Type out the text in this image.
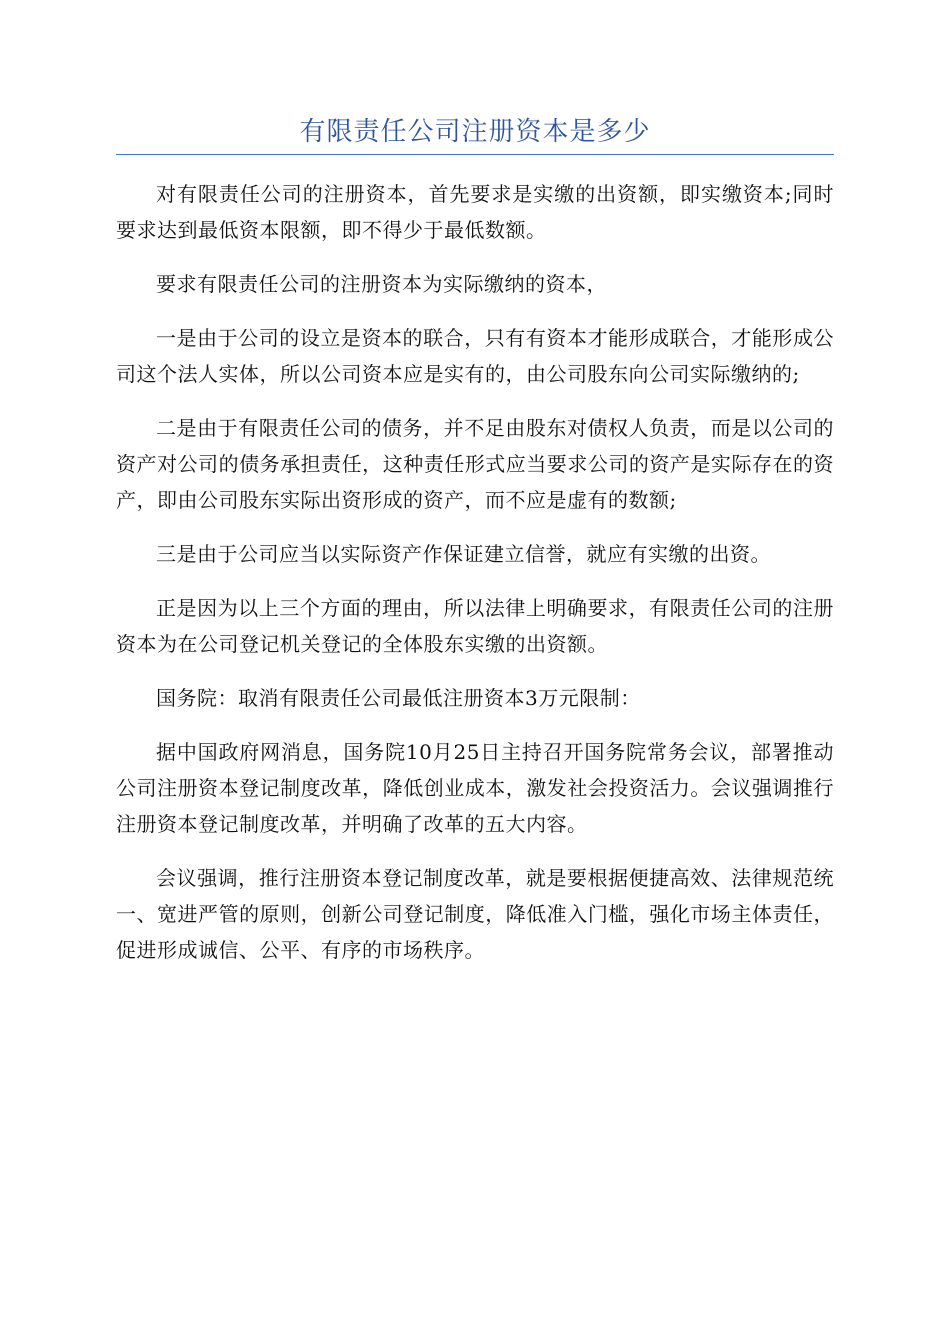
有限责任公司注册资本是多少

对有限责任公司的注册资本，首先要求是实缴的出资额，即实缴资本;同时要求达到最低资本限额，即不得少于最低数额。

要求有限责任公司的注册资本为实际缴纳的资本，

一是由于公司的设立是资本的联合，只有有资本才能形成联合，才能形成公司这个法人实体，所以公司资本应是实有的，由公司股东向公司实际缴纳的;

二是由于有限责任公司的债务，并不足由股东对债权人负责，而是以公司的资产对公司的债务承担责任，这种责任形式应当要求公司的资产是实际存在的资产，即由公司股东实际出资形成的资产，而不应是虚有的数额;

三是由于公司应当以实际资产作保证建立信誉，就应有实缴的出资。

正是因为以上三个方面的理由，所以法律上明确要求，有限责任公司的注册资本为在公司登记机关登记的全体股东实缴的出资额。

国务院：取消有限责任公司最低注册资本3万元限制：

据中国政府网消息，国务院10月25日主持召开国务院常务会议，部署推动公司注册资本登记制度改革，降低创业成本，激发社会投资活力。会议强调推行注册资本登记制度改革，并明确了改革的五大内容。

会议强调，推行注册资本登记制度改革，就是要根据便捷高效、法律规范统一、宽进严管的原则，创新公司登记制度，降低准入门槛，强化市场主体责任，促进形成诚信、公平、有序的市场秩序。
